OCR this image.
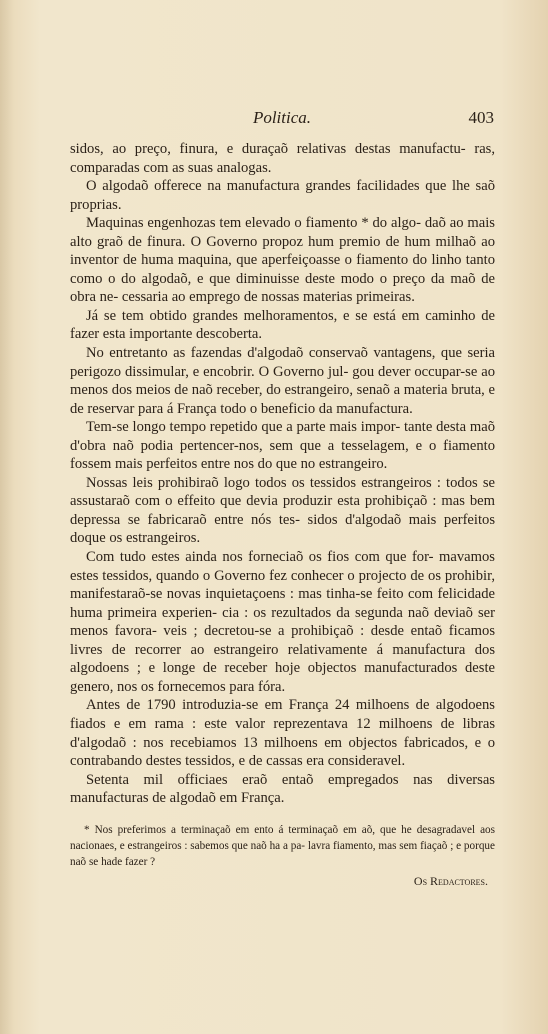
Politica.	403

sidos, ao preço, finura, e duraçaõ relativas destas manufactu- ras, comparadas com as suas analogas.

O algodaõ offerece na manufactura grandes facilidades que lhe saõ proprias.

Maquinas engenhozas tem elevado o fiamento * do algo- daõ ao mais alto graõ de finura. O Governo propoz hum premio de hum milhaõ ao inventor de huma maquina, que aperfeiçoasse o fiamento do linho tanto como o do algodaõ, e que diminuisse deste modo o preço da maõ de obra ne- cessaria ao emprego de nossas materias primeiras.

Já se tem obtido grandes melhoramentos, e se está em caminho de fazer esta importante descoberta.

No entretanto as fazendas d'algodaõ conservaõ vantagens, que seria perigozo dissimular, e encobrir. O Governo jul- gou dever occupar-se ao menos dos meios de naõ receber, do estrangeiro, senaõ a materia bruta, e de reservar para á França todo o beneficio da manufactura.

Tem-se longo tempo repetido que a parte mais impor- tante desta maõ d'obra naõ podia pertencer-nos, sem que a tesselagem, e o fiamento fossem mais perfeitos entre nos do que no estrangeiro.

Nossas leis prohibiraõ logo todos os tessidos estrangeiros : todos se assustaraõ com o effeito que devia produzir esta prohibiçaõ : mas bem depressa se fabricaraõ entre nós tes- sidos d'algodaõ mais perfeitos doque os estrangeiros.

Com tudo estes ainda nos forneciaõ os fios com que for- mavamos estes tessidos, quando o Governo fez conhecer o projecto de os prohibir, manifestaraõ-se novas inquietaçoens : mas tinha-se feito com felicidade huma primeira experien- cia : os rezultados da segunda naõ deviaõ ser menos favora- veis ; decretou-se a prohibiçaõ : desde entaõ ficamos livres de recorrer ao estrangeiro relativamente á manufactura dos algodoens ; e longe de receber hoje objectos manufacturados deste genero, nos os fornecemos para fóra.

Antes de 1790 introduzia-se em França 24 milhoens de algodoens fiados e em rama : este valor reprezentava 12 milhoens de libras d'algodaõ : nos recebiamos 13 milhoens em objectos fabricados, e o contrabando destes tessidos, e de cassas era consideravel.

Setenta mil officiaes eraõ entaõ empregados nas diversas manufacturas de algodaõ em França.

* Nos preferimos a terminaçaõ em ento á terminaçaõ em aõ, que he desagradavel aos nacionaes, e estrangeiros : sabemos que naõ ha a pa- lavra fiamento, mas sem fiaçaõ ; e porque naõ se hade fazer ?

Os Redactores.
